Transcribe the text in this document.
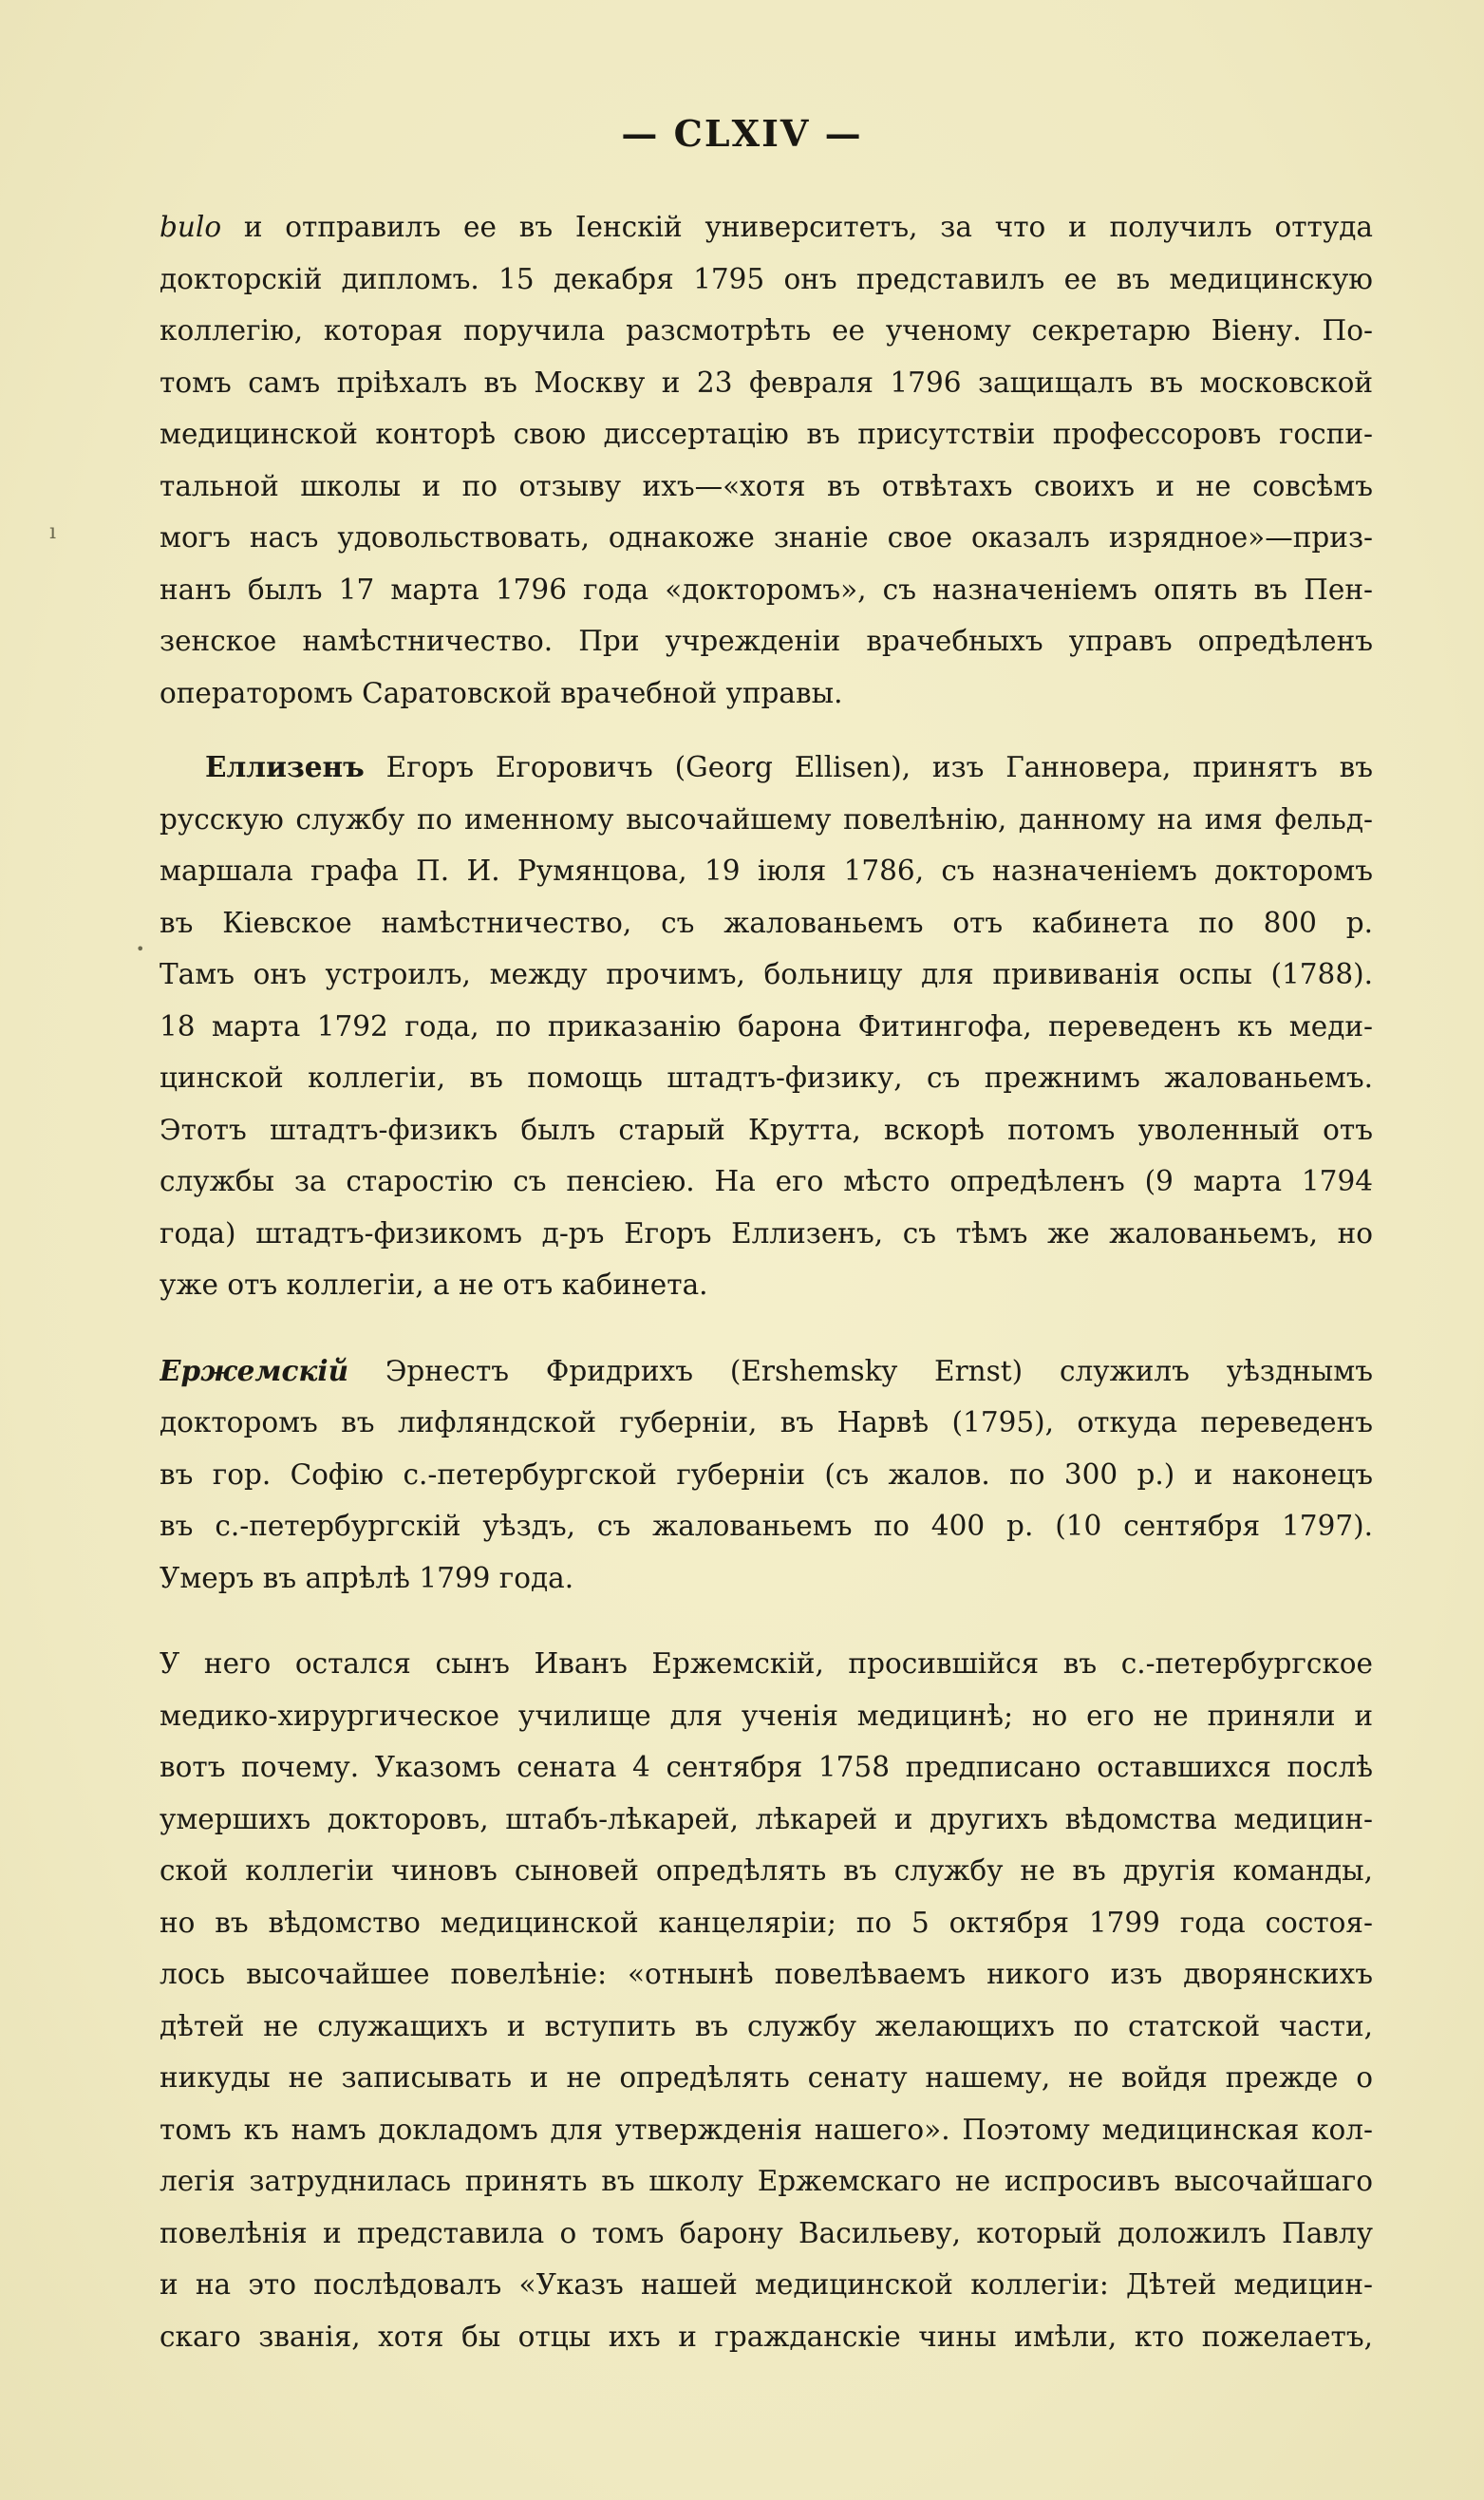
— CLXIV —
bulo и отправилъ ее въ Iенскій университетъ, за что и получилъ оттуда
докторскій дипломъ. 15 декабря 1795 онъ представилъ ее въ медицинскую
коллегію, которая поручила разсмотрѣть ее ученому секретарю Віену. По-
томъ самъ пріѣхалъ въ Москву и 23 февраля 1796 защищалъ въ московской
медицинской конторѣ свою диссертацію въ присутствіи профессоровъ госпи-
тальной школы и по отзыву ихъ—«хотя въ отвѣтахъ своихъ и не совсѣмъ
могъ насъ удовольствовать, однакоже знаніе свое оказалъ изрядное»—приз-
нанъ былъ 17 марта 1796 года «докторомъ», съ назначеніемъ опять въ Пен-
зенское намѣстничество. При учрежденіи врачебныхъ управъ опредѣленъ
операторомъ Саратовской врачебной управы.
Еллизенъ Егоръ Егоровичъ (Georg Ellisen), изъ Ганновера, принятъ въ
русскую службу по именному высочайшему повелѣнію, данному на имя фельд-
маршала графа П. И. Румянцова, 19 іюля 1786, съ назначеніемъ докторомъ
въ Кіевское намѣстничество, съ жалованьемъ отъ кабинета по 800 р.
Тамъ онъ устроилъ, между прочимъ, больницу для прививанія оспы (1788).
18 марта 1792 года, по приказанію барона Фитингофа, переведенъ къ меди-
цинской коллегіи, въ помощь штадтъ-физику, съ прежнимъ жалованьемъ.
Этотъ штадтъ-физикъ былъ старый Крутта, вскорѣ потомъ уволенный отъ
службы за старостію съ пенсіею. На его мѣсто опредѣленъ (9 марта 1794
года) штадтъ-физикомъ д-ръ Егоръ Еллизенъ, съ тѣмъ же жалованьемъ, но
уже отъ коллегіи, а не отъ кабинета.
Ержемскій Эрнестъ Фридрихъ (Ershemsky Ernst) служилъ уѣзднымъ
докторомъ въ лифляндской губерніи, въ Нарвѣ (1795), откуда переведенъ
въ гор. Софію с.-петербургской губерніи (съ жалов. по 300 р.) и наконецъ
въ с.-петербургскій уѣздъ, съ жалованьемъ по 400 р. (10 сентября 1797).
Умеръ въ апрѣлѣ 1799 года.
У него остался сынъ Иванъ Ержемскій, просившійся въ с.-петербургское
медико-хирургическое училище для ученія медицинѣ; но его не приняли и
вотъ почему. Указомъ сената 4 сентября 1758 предписано оставшихся послѣ
умершихъ докторовъ, штабъ-лѣкарей, лѣкарей и другихъ вѣдомства медицин-
ской коллегіи чиновъ сыновей опредѣлять въ службу не въ другія команды,
но въ вѣдомство медицинской канцеляріи; по 5 октября 1799 года состоя-
лось высочайшее повелѣніе: «отнынѣ повелѣваемъ никого изъ дворянскихъ
дѣтей не служащихъ и вступить въ службу желающихъ по статской части,
никуды не записывать и не опредѣлять сенату нашему, не войдя прежде о
томъ къ намъ докладомъ для утвержденія нашего». Поэтому медицинская кол-
легія затруднилась принять въ школу Ержемскаго не испросивъ высочайшаго
повелѣнія и представила о томъ барону Васильеву, который доложилъ Павлу
и на это послѣдовалъ «Указъ нашей медицинской коллегіи: Дѣтей медицин-
скаго званія, хотя бы отцы ихъ и гражданскіе чины имѣли, кто пожелаетъ,
ı
•
